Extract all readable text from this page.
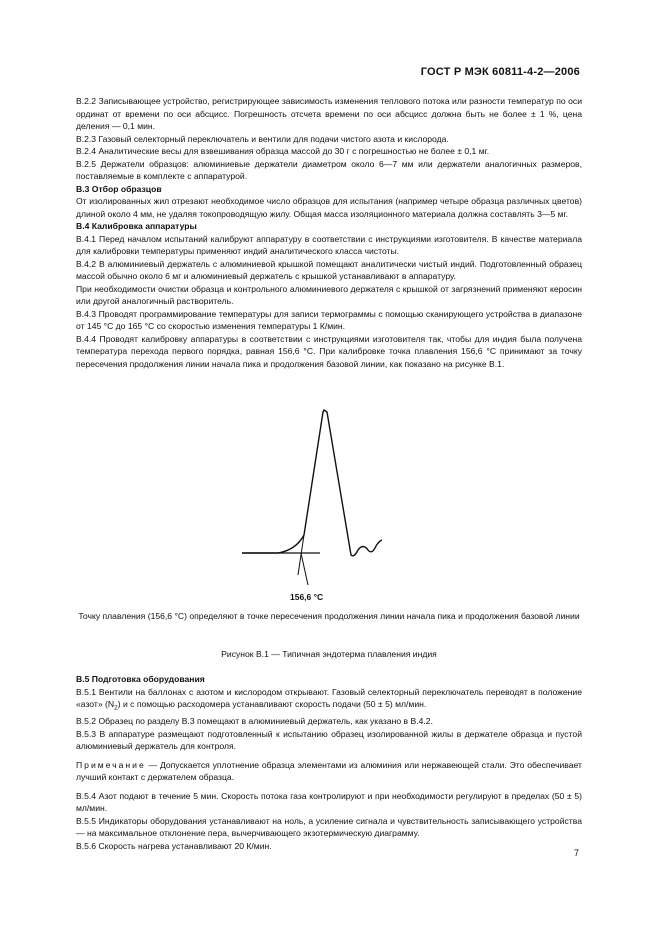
ГОСТ Р МЭК 60811-4-2—2006

В.2.2 Записывающее устройство, регистрирующее зависимость изменения теплового потока или разности температур по оси ординат от времени по оси абсцисс. Погрешность отсчета времени по оси абсцисс должна быть не более ± 1 %, цена деления — 0,1 мин.

В.2.3 Газовый селекторный переключатель и вентили для подачи чистого азота и кислорода.

В.2.4 Аналитические весы для взвешивания образца массой до 30 г с погрешностью не более ± 0,1 мг.

В.2.5 Держатели образцов: алюминиевые держатели диаметром около 6—7 мм или держатели аналогичных размеров, поставляемые в комплекте с аппаратурой.

В.3 Отбор образцов

От изолированных жил отрезают необходимое число образцов для испытания (например четыре образца различных цветов) длиной около 4 мм, не удаляя токопроводящую жилу. Общая масса изоляционного материала должна составлять 3—5 мг.

В.4 Калибровка аппаратуры

В.4.1 Перед началом испытаний калибруют аппаратуру в соответствии с инструкциями изготовителя. В качестве материала для калибровки температуры применяют индий аналитического класса чистоты.

В.4.2 В алюминиевый держатель с алюминиевой крышкой помещают аналитически чистый индий. Подготовленный образец массой обычно около 6 мг и алюминиевый держатель с крышкой устанавливают в аппаратуру.

При необходимости очистки образца и контрольного алюминиевого держателя с крышкой от загрязнений применяют керосин или другой аналогичный растворитель.

В.4.3 Проводят программирование температуры для записи термограммы с помощью сканирующего устройства в диапазоне от 145 °С до 165 °С со скоростью изменения температуры 1 К/мин.

В.4.4 Проводят калибровку аппаратуры в соответствии с инструкциями изготовителя так, чтобы для индия была получена температура перехода первого порядка, равная 156,6 °С. При калибровке точка плавления 156,6 °С принимают за точку пересечения продолжения линии начала пика и продолжения базовой линии, как показано на рисунке В.1.

156,6 °С
Точку плавления (156,6 °С) определяют в точке пересечения продолжения линии начала пика и продолжения базовой линии
Рисунок В.1 — Типичная эндотерма плавления индия

В.5 Подготовка оборудования

В.5.1 Вентили на баллонах с азотом и кислородом открывают. Газовый селекторный переключатель переводят в положение «азот» $(N_2)$ и с помощью расходомера устанавливают скорость подачи (50 ± 5) мл/мин.

В.5.2 Образец по разделу В.3 помещают в алюминиевый держатель, как указано в В.4.2.

В.5.3 В аппаратуре размещают подготовленный к испытанию образец изолированной жилы в держателе образца и пустой алюминиевый держатель для контроля.

Примечание — Допускается уплотнение образца элементами из алюминия или нержавеющей стали. Это обеспечивает лучший контакт с держателем образца.

В.5.4 Азот подают в течение 5 мин. Скорость потока газа контролируют и при необходимости регулируют в пределах (50 ± 5) мл/мин.

В.5.5 Индикаторы оборудования устанавливают на ноль, а усиление сигнала и чувствительность записывающего устройства — на максимальное отклонение пера, вычерчивающего экзотермическую диаграмму.

В.5.6 Скорость нагрева устанавливают 20 К/мин.

7
